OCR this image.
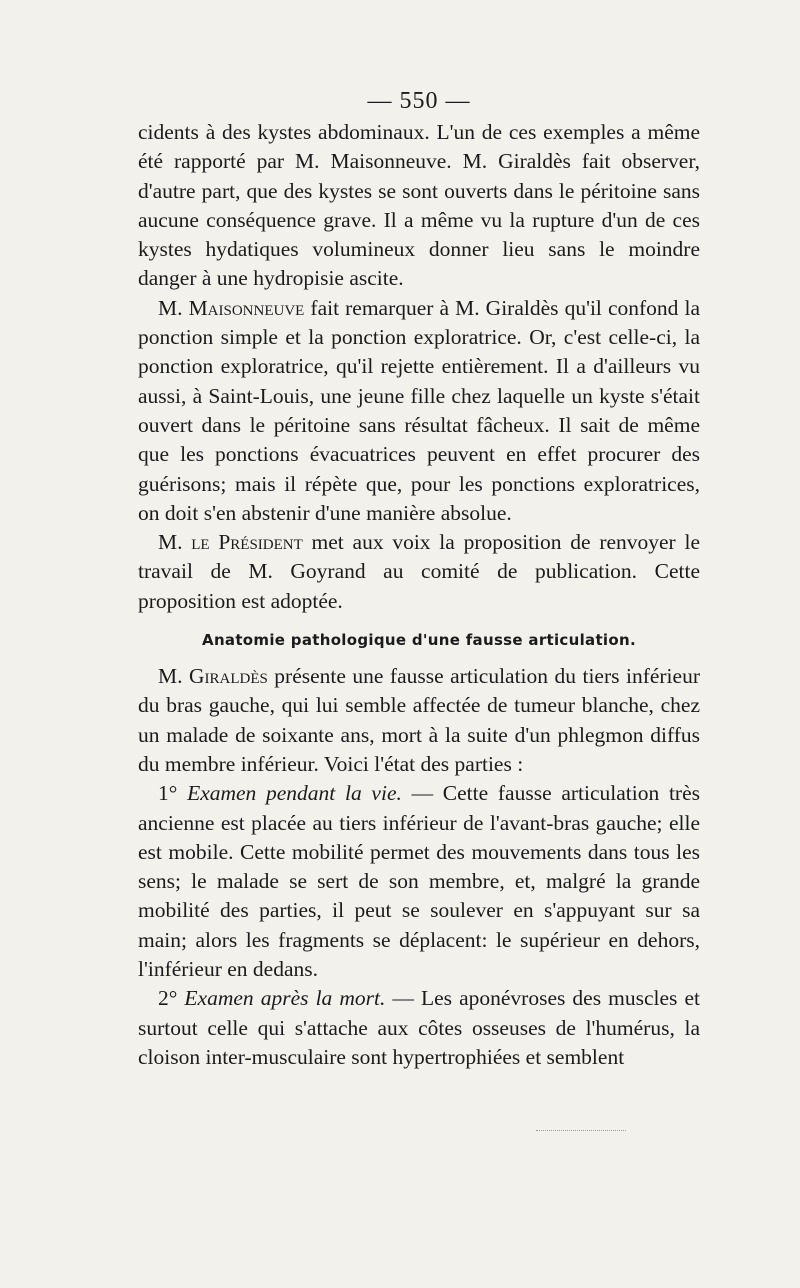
— 550 —

cidents à des kystes abdominaux. L'un de ces exemples a même été rapporté par M. Maisonneuve. M. Giraldès fait observer, d'autre part, que des kystes se sont ouverts dans le péritoine sans aucune conséquence grave. Il a même vu la rupture d'un de ces kystes hydatiques volumineux donner lieu sans le moindre danger à une hydropisie ascite.

M. Maisonneuve fait remarquer à M. Giraldès qu'il confond la ponction simple et la ponction exploratrice. Or, c'est celle-ci, la ponction exploratrice, qu'il rejette entièrement. Il a d'ailleurs vu aussi, à Saint-Louis, une jeune fille chez laquelle un kyste s'était ouvert dans le péritoine sans résultat fâcheux. Il sait de même que les ponctions évacuatrices peuvent en effet procurer des guérisons; mais il répète que, pour les ponctions exploratrices, on doit s'en abstenir d'une manière absolue.

M. le Président met aux voix la proposition de renvoyer le travail de M. Goyrand au comité de publication. Cette proposition est adoptée.

Anatomie pathologique d'une fausse articulation.

M. Giraldès présente une fausse articulation du tiers inférieur du bras gauche, qui lui semble affectée de tumeur blanche, chez un malade de soixante ans, mort à la suite d'un phlegmon diffus du membre inférieur. Voici l'état des parties :

1° Examen pendant la vie. — Cette fausse articulation très ancienne est placée au tiers inférieur de l'avant-bras gauche; elle est mobile. Cette mobilité permet des mouvements dans tous les sens; le malade se sert de son membre, et, malgré la grande mobilité des parties, il peut se soulever en s'appuyant sur sa main; alors les fragments se déplacent: le supérieur en dehors, l'inférieur en dedans.

2° Examen après la mort. — Les aponévroses des muscles et surtout celle qui s'attache aux côtes osseuses de l'humérus, la cloison inter-musculaire sont hypertrophiées et semblent
